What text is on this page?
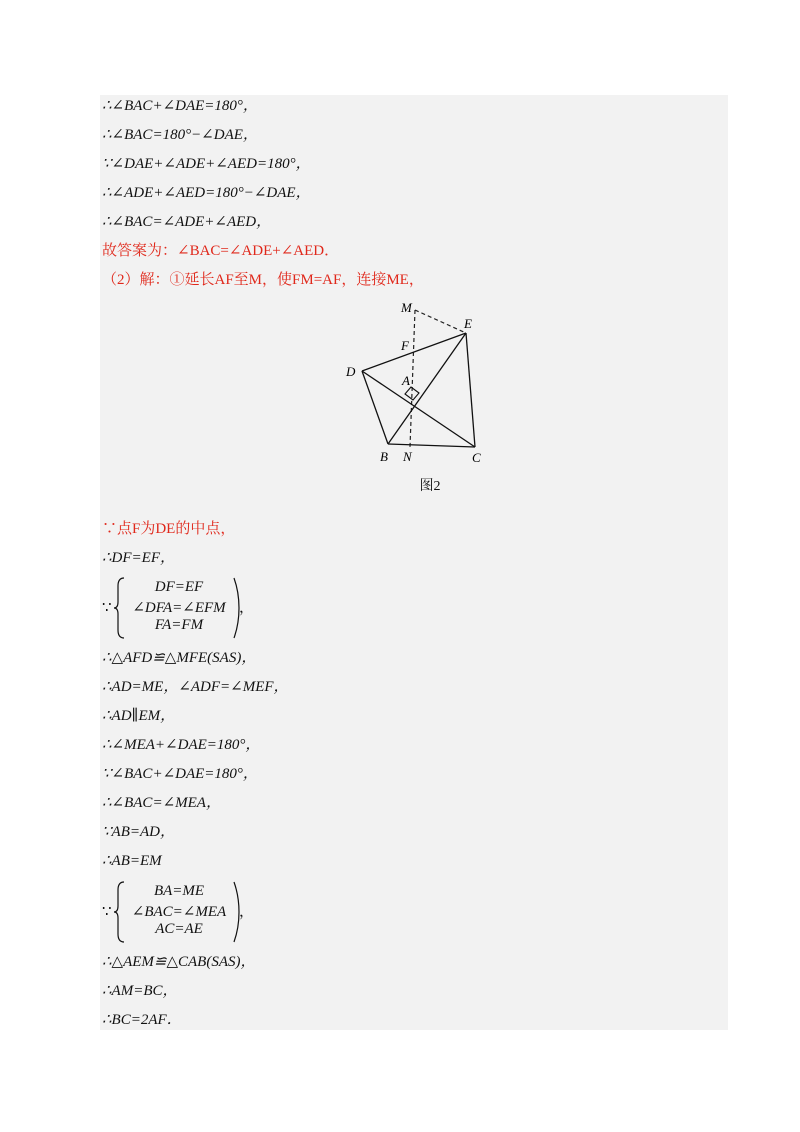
∴∠BAC+∠DAE=180°，
∴∠BAC=180°−∠DAE，
∵∠DAE+∠ADE+∠AED=180°，
∴∠ADE+∠AED=180°−∠DAE，
∴∠BAC=∠ADE+∠AED，
故答案为：∠BAC=∠ADE+∠AED．
（2）解：①延长AF至M，使FM=AF，连接ME，
M
E
F
D
A
B N	C
图2
∵点F为DE的中点，
∴DF=EF，
∵
DF=EF
∠DFA=∠EFM
FA=FM
，
∴△AFD≌△MFE(SAS)，
∴AD=ME，∠ADF=∠MEF，
∴AD∥EM，
∴∠MEA+∠DAE=180°，
∵∠BAC+∠DAE=180°，
∴∠BAC=∠MEA，
∵AB=AD，
∴AB=EM
∵
BA=ME
∠BAC=∠MEA
AC=AE
，
∴△AEM≌△CAB(SAS)，
∴AM=BC，
∴BC=2AF．
